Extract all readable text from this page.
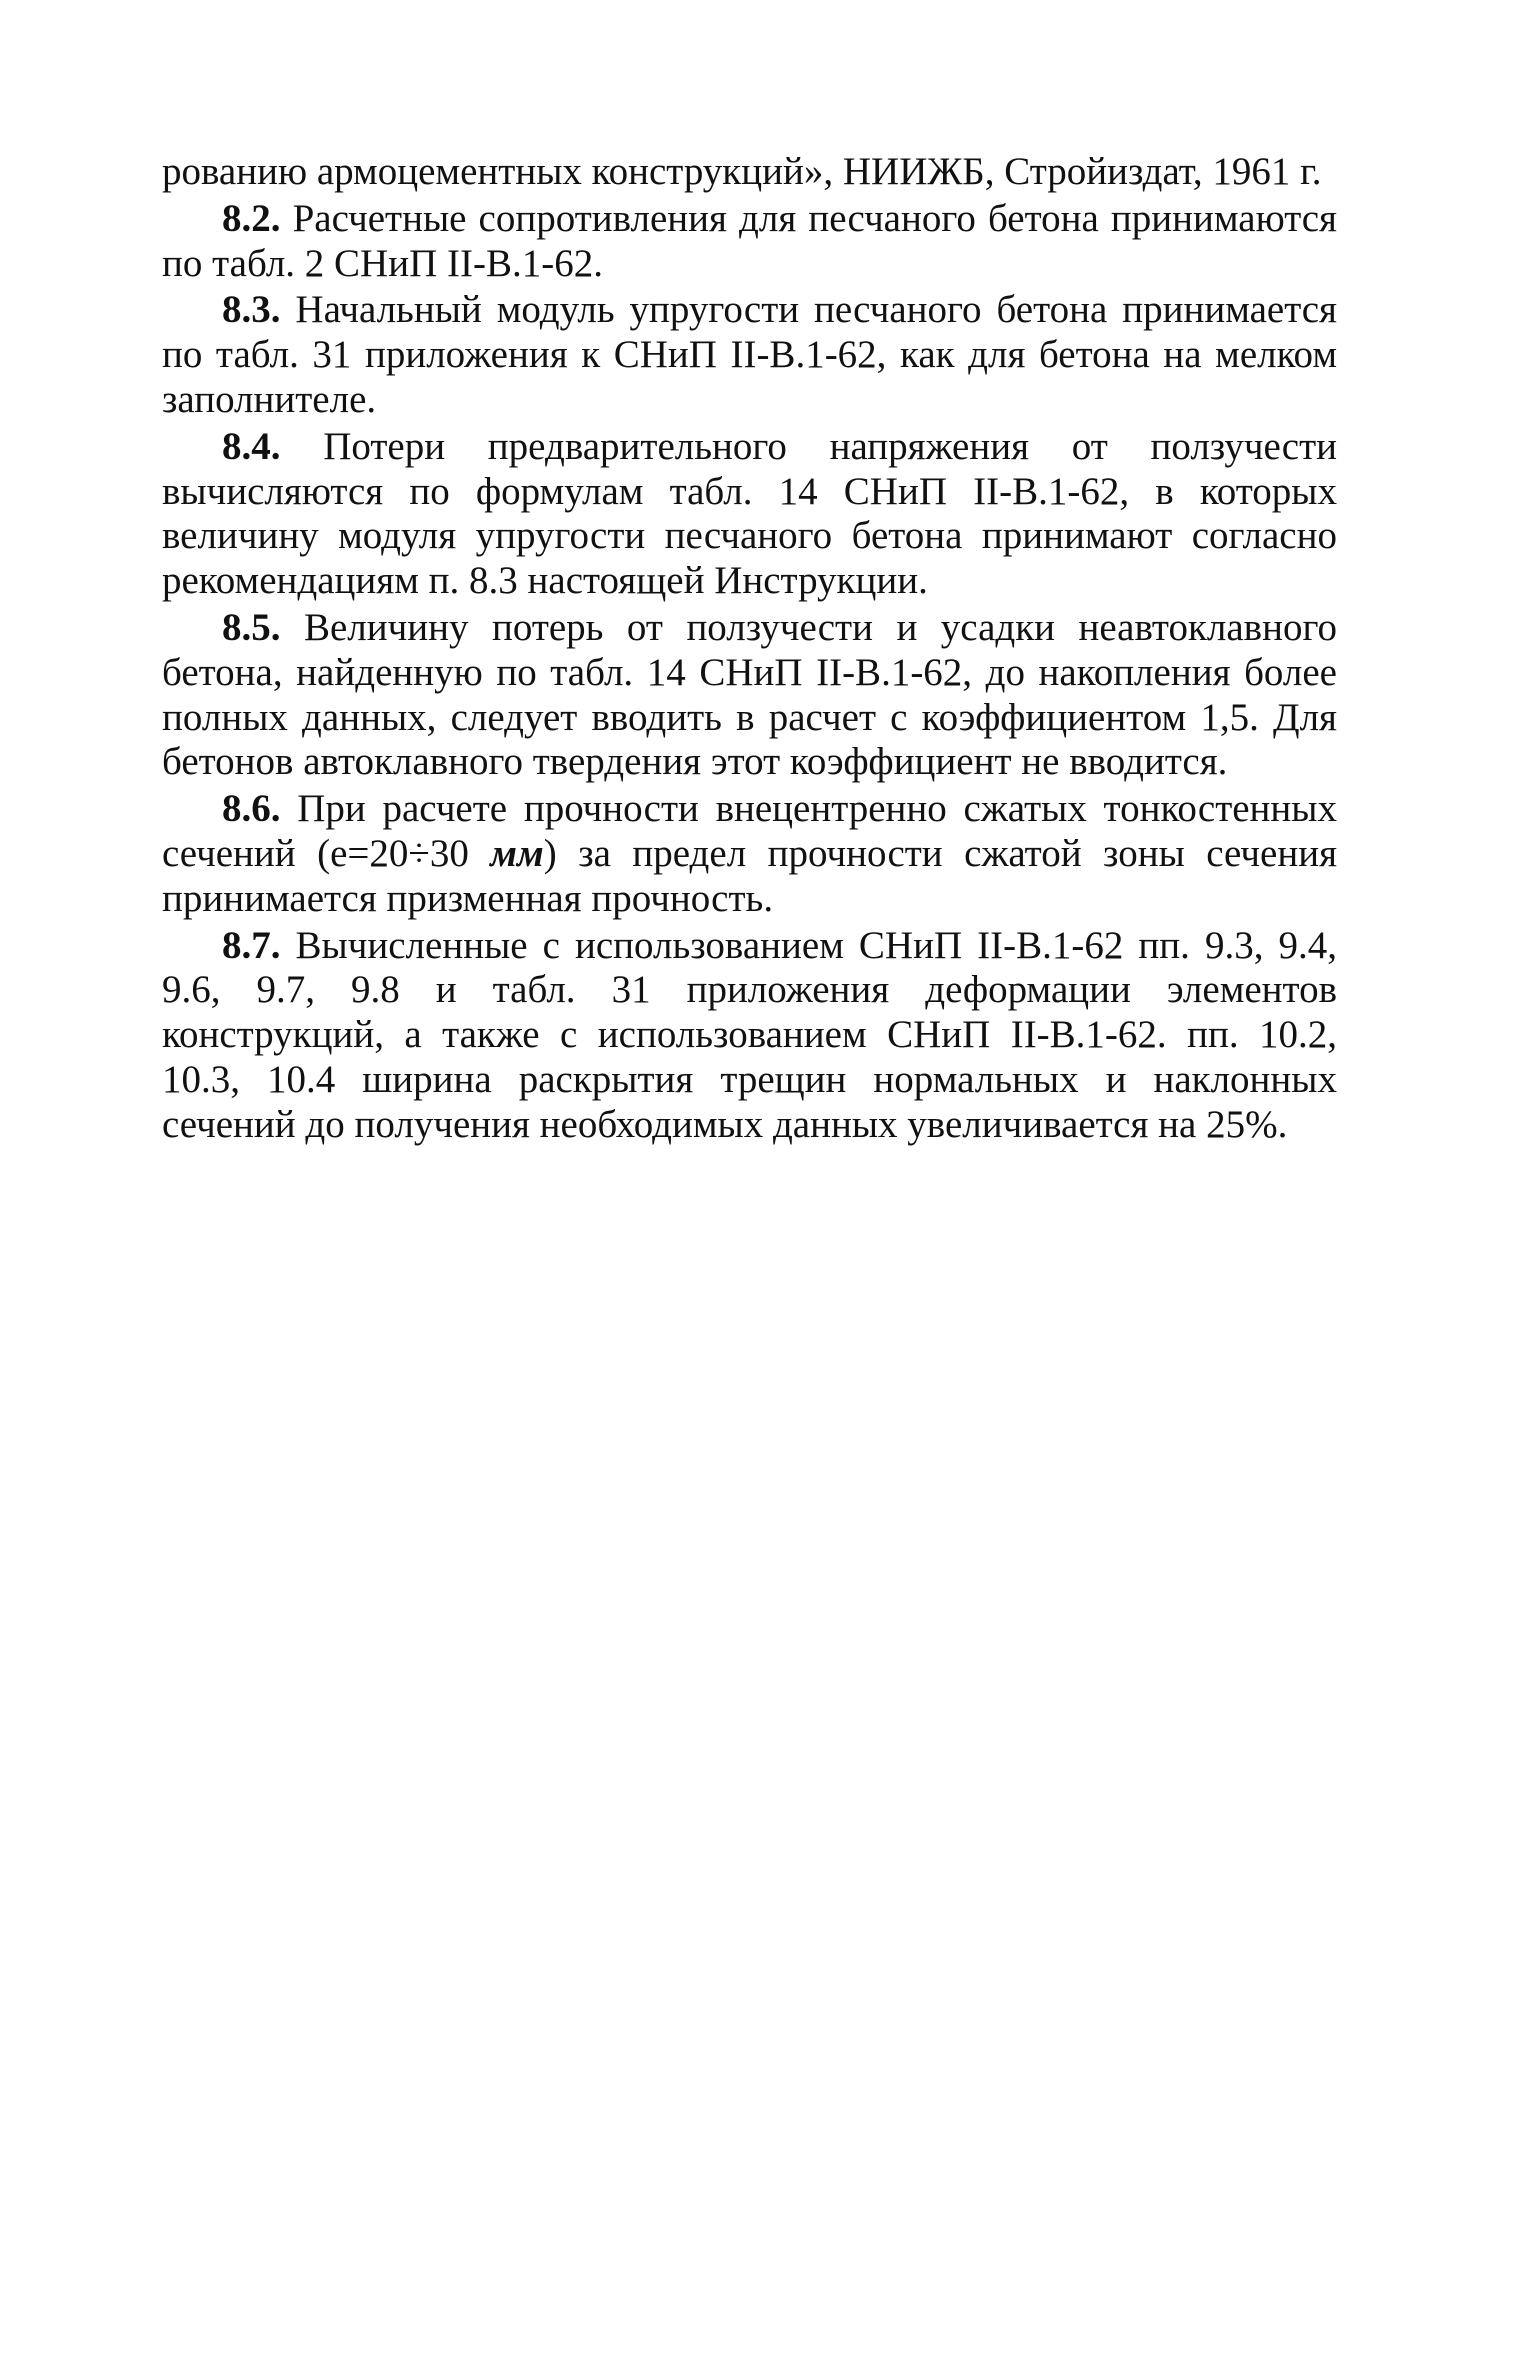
рованию армоцементных конструкций», НИИЖБ, Стройиздат, 1961 г.

8.2. Расчетные сопротивления для песчаного бетона принимаются по табл. 2 СНиП II-В.1-62.

8.3. Начальный модуль упругости песчаного бетона принимается по табл. 31 приложения к СНиП II-В.1-62, как для бетона на мелком заполнителе.

8.4. Потери предварительного напряжения от ползучести вычисляются по формулам табл. 14 СНиП II-В.1-62, в которых величину модуля упругости песчаного бетона принимают согласно рекомендациям п. 8.3 настоящей Инструкции.

8.5. Величину потерь от ползучести и усадки неавтоклавного бетона, найденную по табл. 14 СНиП II-В.1-62, до накопления более полных данных, следует вводить в расчет с коэффициентом 1,5. Для бетонов автоклавного твердения этот коэффициент не вводится.

8.6. При расчете прочности внецентренно сжатых тонкостенных сечений (e=20÷30 мм) за предел прочности сжатой зоны сечения принимается призменная прочность.

8.7. Вычисленные с использованием СНиП II-В.1-62 пп. 9.3, 9.4, 9.6, 9.7, 9.8 и табл. 31 приложения деформации элементов конструкций, а также с использованием СНиП II-В.1-62. пп. 10.2, 10.3, 10.4 ширина раскрытия трещин нормальных и наклонных сечений до получения необходимых данных увеличивается на 25%.
